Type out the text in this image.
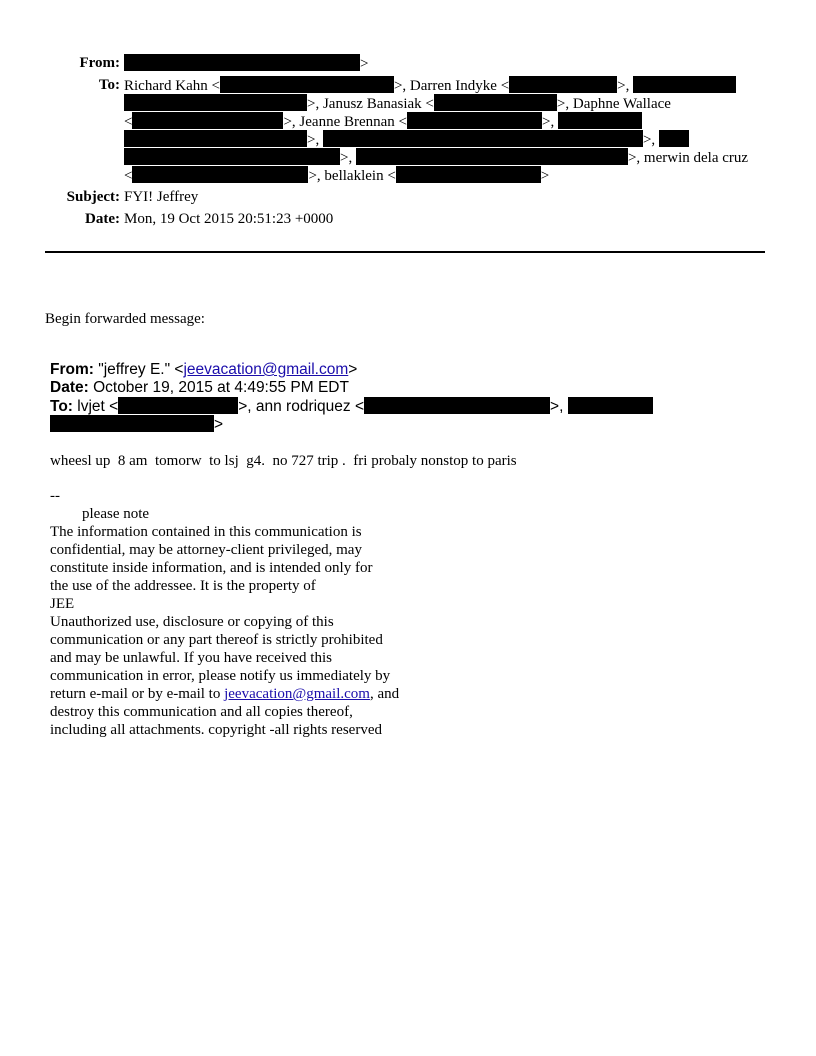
From:	>
To: Richard Kahn <	>, Darren Indyke <	>,
>, Janusz Banasiak <	>, Daphne Wallace
<	>, Jeanne Brennan <	>,
>,	>,
>,	>, merwin dela cruz
<	>, bellaklein <	>
Subject: FYI! Jeffrey
Date: Mon, 19 Oct 2015 20:51:23 +0000
Begin forwarded message:
From: "jeffrey E." <jeevacation@gmail.com>
Date: October 19, 2015 at 4:49:55 PM EDT
To: lvjet <	>, ann rodriquez <	>,
>
wheesl up  8 am  tomorw  to lsj  g4.  no 727 trip .  fri probaly nonstop to paris
--
please note
The information contained in this communication is
confidential, may be attorney-client privileged, may
constitute inside information, and is intended only for
the use of the addressee. It is the property of
JEE
Unauthorized use, disclosure or copying of this
communication or any part thereof is strictly prohibited
and may be unlawful. If you have received this
communication in error, please notify us immediately by
return e-mail or by e-mail to jeevacation@gmail.com, and
destroy this communication and all copies thereof,
including all attachments. copyright -all rights reserved
